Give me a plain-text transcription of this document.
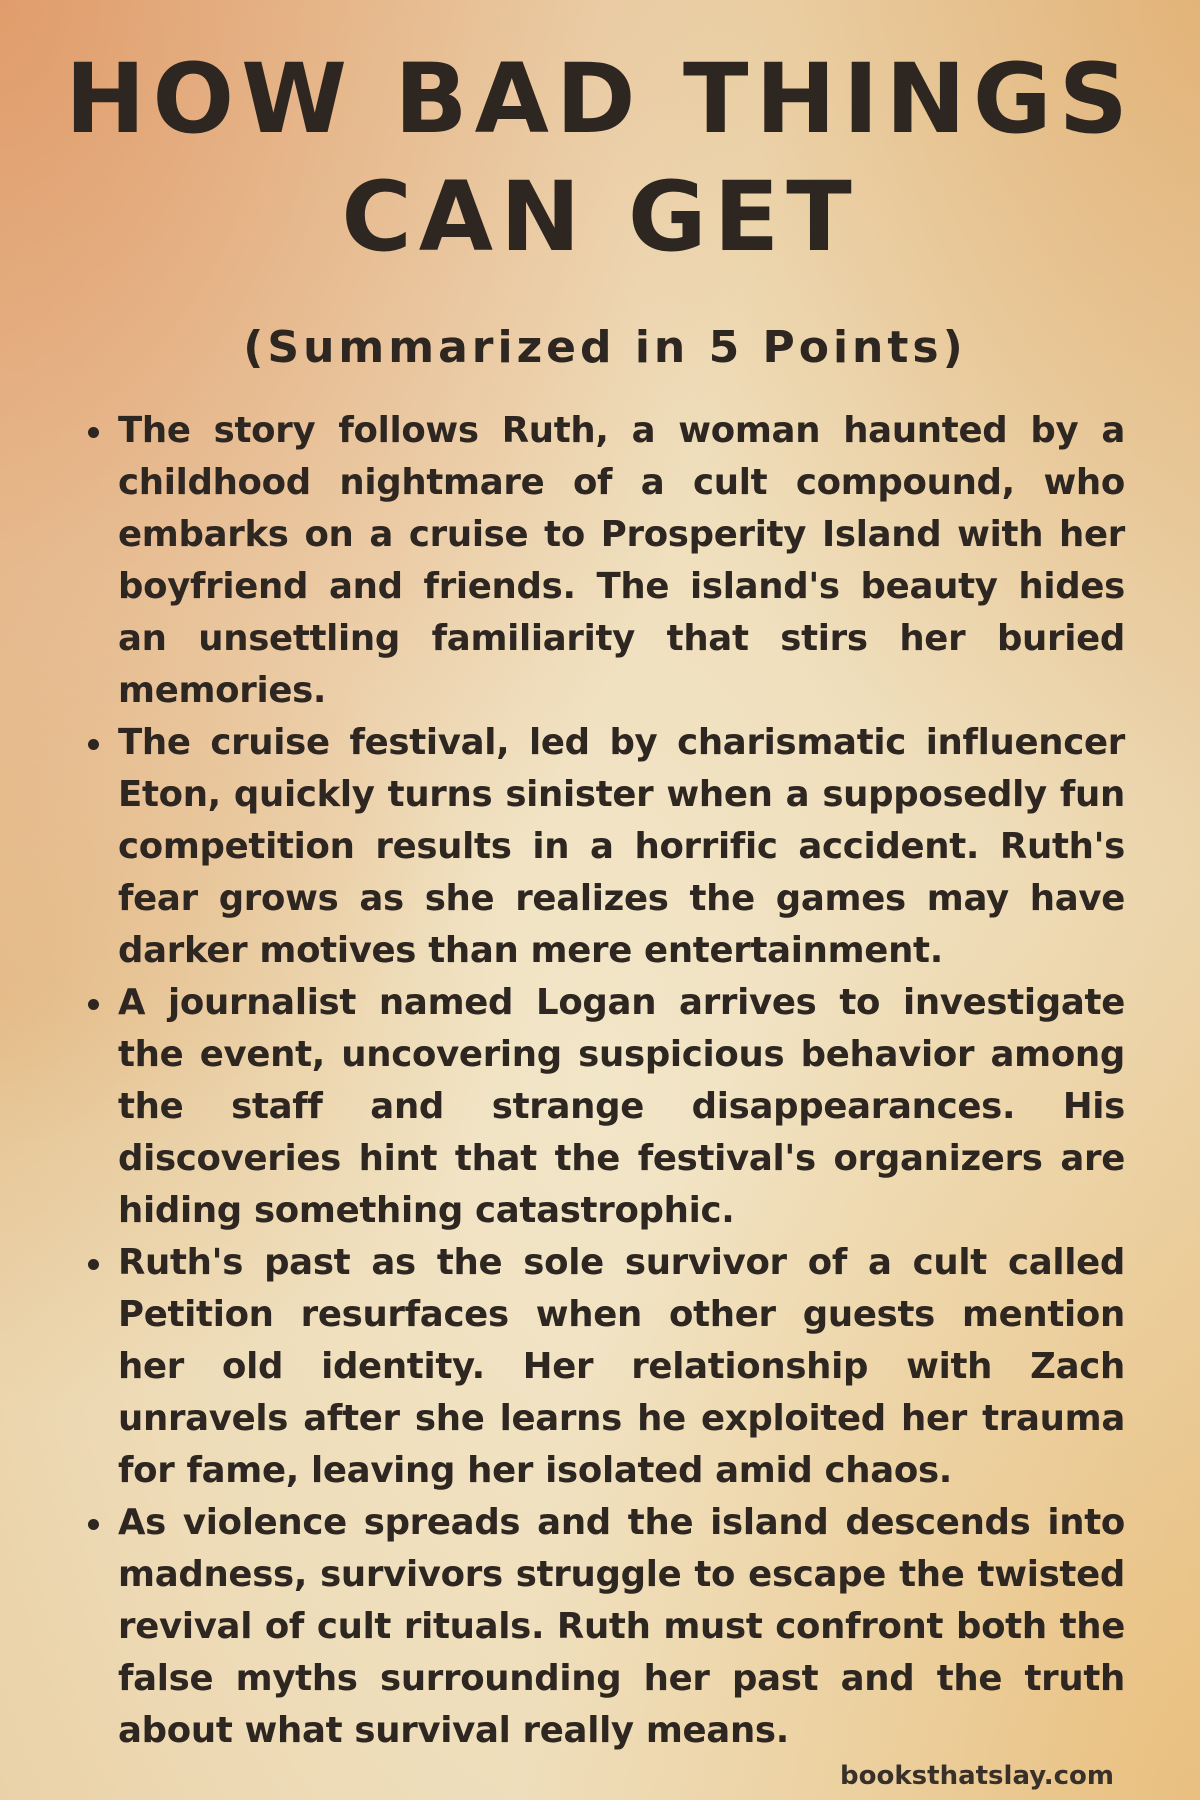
HOW BAD THINGS
CAN GET
(Summarized in 5 Points)
The story follows Ruth, a woman haunted by a childhood nightmare of a cult compound, who embarks on a cruise to Prosperity Island with her boyfriend and friends. The island's beauty hides an unsettling familiarity that stirs her buried memories.
The cruise festival, led by charismatic influencer Eton, quickly turns sinister when a supposedly fun competition results in a horrific accident. Ruth's fear grows as she realizes the games may have darker motives than mere entertainment.
A journalist named Logan arrives to investigate the event, uncovering suspicious behavior among the staff and strange disappearances. His discoveries hint that the festival's organizers are hiding something catastrophic.
Ruth's past as the sole survivor of a cult called Petition resurfaces when other guests mention her old identity. Her relationship with Zach unravels after she learns he exploited her trauma for fame, leaving her isolated amid chaos.
As violence spreads and the island descends into madness, survivors struggle to escape the twisted revival of cult rituals. Ruth must confront both the false myths surrounding her past and the truth about what survival really means.
booksthatslay.com
